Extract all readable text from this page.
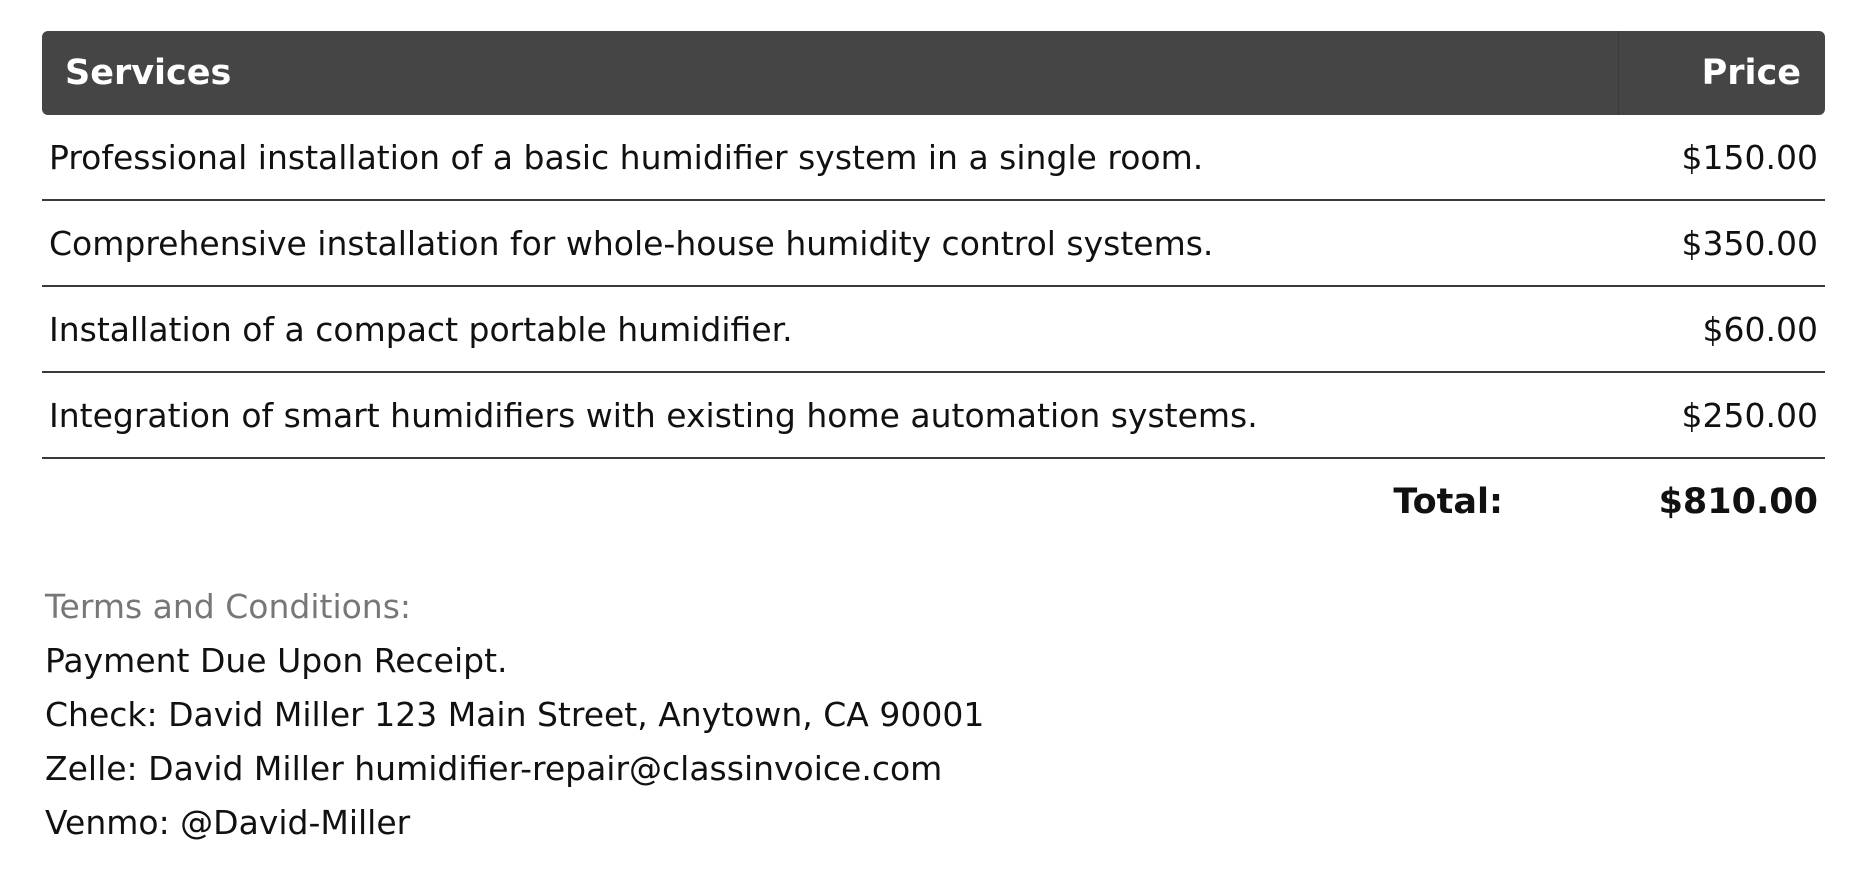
Services	Price
Professional installation of a basic humidifier system in a single room.	$150.00
Comprehensive installation for whole-house humidity control systems.	$350.00
Installation of a compact portable humidifier.	$60.00
Integration of smart humidifiers with existing home automation systems.	$250.00
Total:	$810.00
Terms and Conditions:
Payment Due Upon Receipt.
Check: David Miller 123 Main Street, Anytown, CA 90001
Zelle: David Miller humidifier-repair@classinvoice.com
Venmo: @David-Miller
